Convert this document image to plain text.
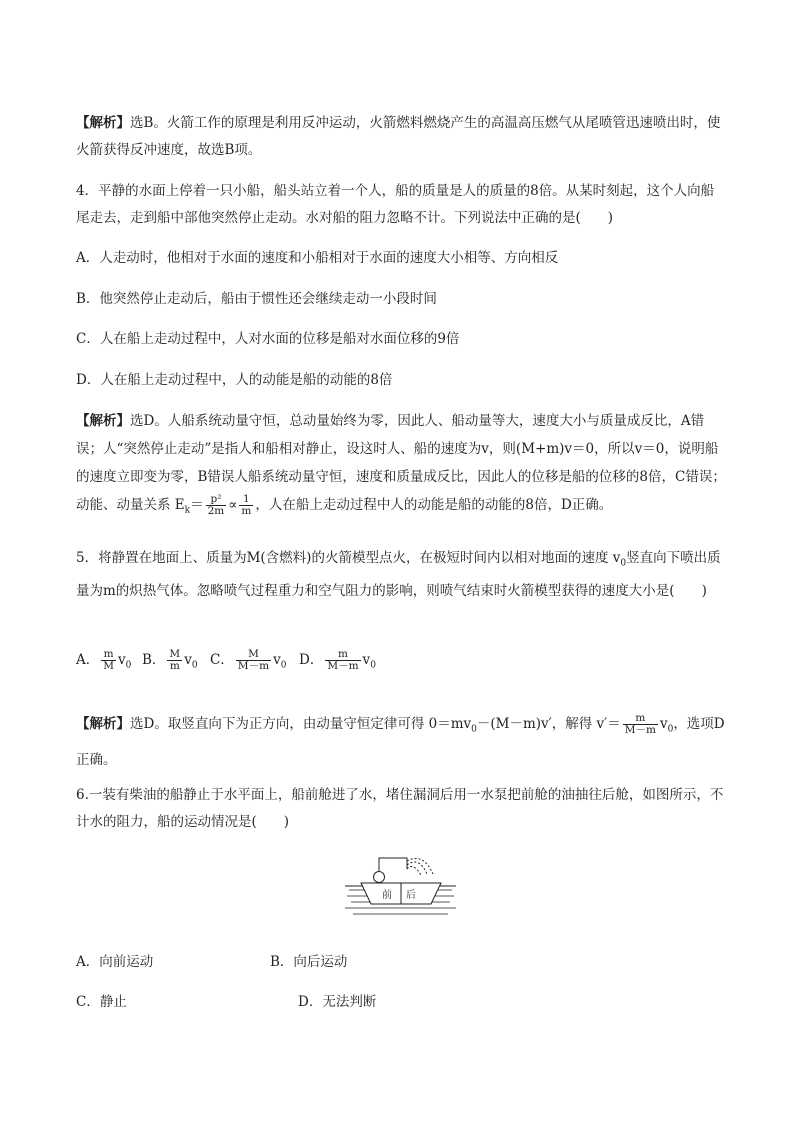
【解析】选B。火箭工作的原理是利用反冲运动，火箭燃料燃烧产生的高温高压燃气从尾喷管迅速喷出时，使火箭获得反冲速度，故选B项。

4．平静的水面上停着一只小船，船头站立着一个人，船的质量是人的质量的8倍。从某时刻起，这个人向船尾走去，走到船中部他突然停止走动。水对船的阻力忽略不计。下列说法中正确的是(　　)

A．人走动时，他相对于水面的速度和小船相对于水面的速度大小相等、方向相反

B．他突然停止走动后，船由于惯性还会继续走动一小段时间

C．人在船上走动过程中，人对水面的位移是船对水面位移的9倍

D．人在船上走动过程中，人的动能是船的动能的8倍

【解析】选D。人船系统动量守恒，总动量始终为零，因此人、船动量等大，速度大小与质量成反比，A错误；人“突然停止走动”是指人和船相对静止，设这时人、船的速度为v，则(M+m)v＝0，所以v＝0，说明船的速度立即变为零，B错误人船系统动量守恒，速度和质量成反比，因此人的位移是船的位移的8倍，C错误；动能、动量关系 $E_k= \frac{\text{p²}}{2m} \propto \frac{1}{m}$ ，人在船上走动过程中人的动能是船的动能的8倍，D正确。

5．将静置在地面上、质量为M(含燃料)的火箭模型点火，在极短时间内以相对地面的速度 $v_0$竖直向下喷出质量为m的炽热气体。忽略喷气过程重力和空气阻力的影响，则喷气结束时火箭模型获得的速度大小是(　　)

A． $\frac{m}{M} v_0$ B． $\frac{M}{m} v_0$ C． $\frac{M}{M-m} v_0$ D． $\frac{m}{M-m} v_0$

【解析】选D。取竖直向下为正方向，由动量守恒定律可得 $0=mv_0-(M-m)v'$，解得 $v'= \frac{m}{M-m} v_0$，选项D正确。

6.一装有柴油的船静止于水平面上，船前舱进了水，堵住漏洞后用一水泵把前舱的油抽往后舱，如图所示，不计水的阻力，船的运动情况是(　　)

前 后
A．向前运动	B．向后运动
C．静止	D．无法判断
